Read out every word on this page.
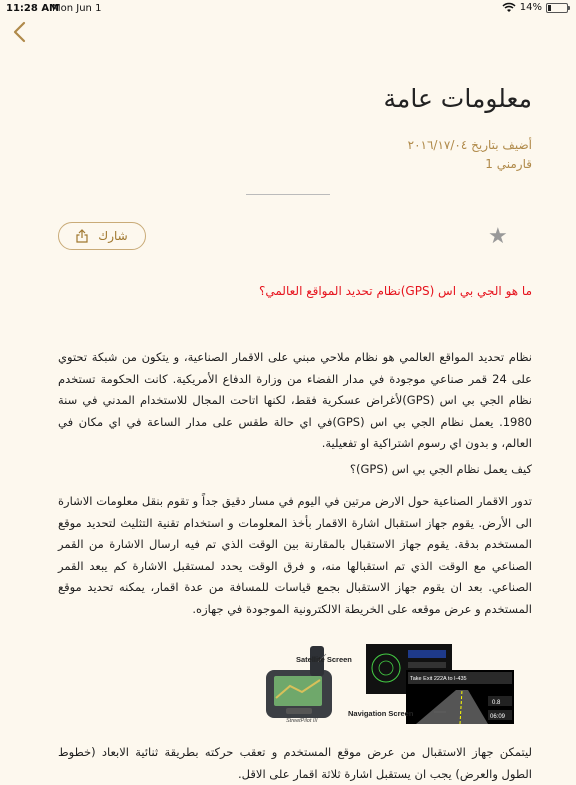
11:28 AM
Mon Jun 1	14%
معلومات عامة
أضيف بتاريخ ٢٠١٦/١٧/٠٤
قارمني 1
شارك	★
ما هو الجي بي اس (GPS)نظام تحديد المواقع العالمي؟
نظام تحديد المواقع العالمي هو نظام ملاحي مبني على الاقمار الصناعية، و يتكون من شبكة تحتوي على 24 قمر صناعي موجودة في مدار الفضاء من وزارة الدفاع الأمريكية. كانت الحكومة تستخدم نظام الجي بي اس (GPS)لأغراض عسكرية فقط، لكنها اتاحت المجال للاستخدام المدني في سنة 1980. يعمل نظام الجي بي اس (GPS)في اي حالة طقس على مدار الساعة في اي مكان في العالم، و بدون اي رسوم اشتراكية او تفعيلية.
كيف يعمل نظام الجي بي اس (GPS)؟
تدور الاقمار الصناعية حول الارض مرتين في اليوم في مسار دقيق جداً و تقوم بنقل معلومات الاشارة الى الأرض. يقوم جهاز استقبال اشارة الاقمار بأخذ المعلومات و استخدام تقنية التثليث لتحديد موقع المستخدم بدقة. يقوم جهاز الاستقبال بالمقارنة بين الوقت الذي تم فيه ارسال الاشارة من القمر الصناعي مع الوقت الذي تم استقبالها منه، و فرق الوقت يحدد لمستقبل الاشارة كم يبعد القمر الصناعي. بعد ان يقوم جهاز الاستقبال بجمع قياسات للمسافة من عدة اقمار، يمكنه تحديد موقع المستخدم و عرض موقعه على الخريطة الالكترونية الموجودة في جهازه.
Satellite Screen
StreetPilot III
Take Exit 222A to I-435
0.8
06:09
Navigation Screen
ليتمكن جهاز الاستقبال من عرض موقع المستخدم و تعقب حركته بطريقة ثنائية الابعاد (خطوط الطول والعرض) يجب ان يستقبل اشارة ثلاثة اقمار على الاقل.
